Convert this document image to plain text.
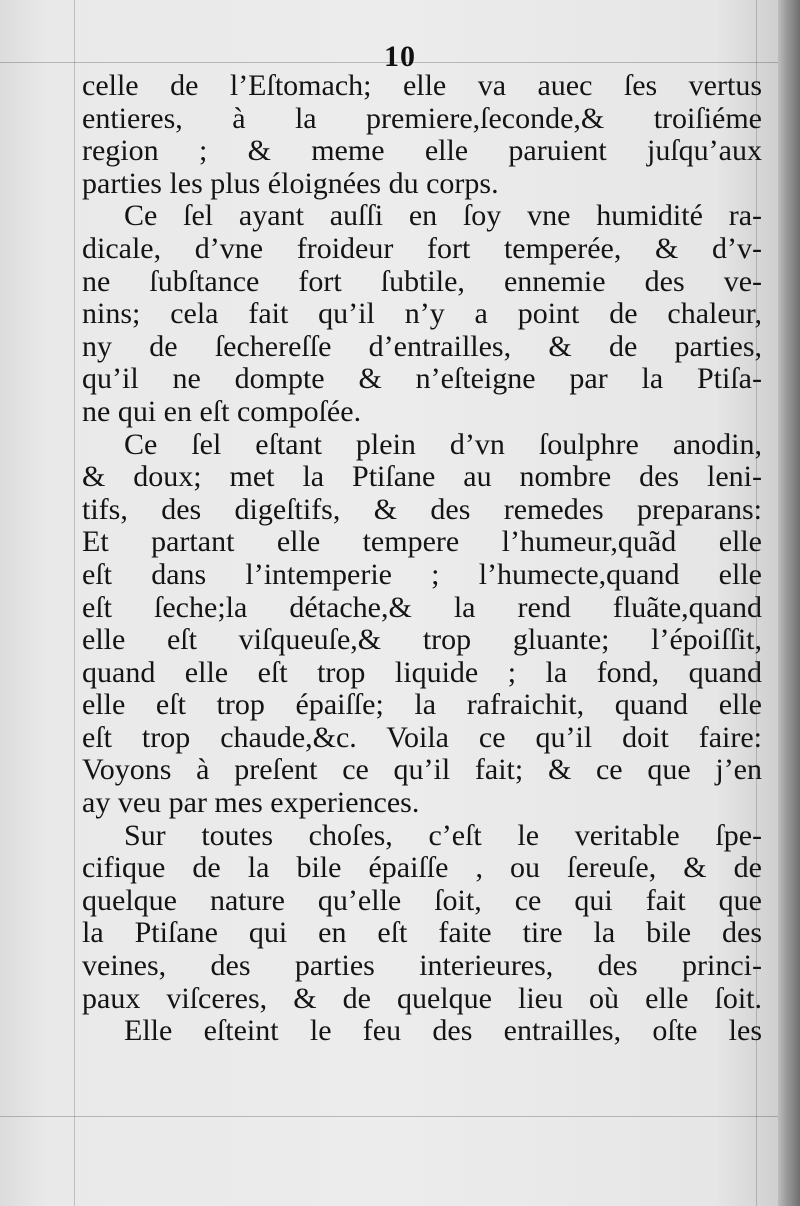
10
celle de l’Eſtomach; elle va auec ſes vertus
entieres, à la premiere,ſeconde,& troiſiéme
region ; & meme elle paruient juſqu’aux
parties les plus éloignées du corps.
Ce ſel ayant auſſi en ſoy vne humidité ra-
dicale, d’vne froideur fort temperée, & d’v-
ne ſubſtance fort ſubtile, ennemie des ve-
nins; cela fait qu’il n’y a point de chaleur,
ny de ſechereſſe d’entrailles, & de parties,
qu’il ne dompte & n’eſteigne par la Ptiſa-
ne qui en eſt compoſée.
Ce ſel eſtant plein d’vn ſoulphre anodin,
& doux; met la Ptiſane au nombre des leni-
tifs, des digeſtifs, & des remedes preparans:
Et partant elle tempere l’humeur,quãd elle
eſt dans l’intemperie ; l’humecte,quand elle
eſt ſeche;la détache,& la rend fluãte,quand
elle eſt viſqueuſe,& trop gluante; l’époiſſit,
quand elle eſt trop liquide ; la fond, quand
elle eſt trop épaiſſe; la rafraichit, quand elle
eſt trop chaude,&c. Voila ce qu’il doit faire:
Voyons à preſent ce qu’il fait; & ce que j’en
ay veu par mes experiences.
Sur toutes choſes, c’eſt le veritable ſpe-
cifique de la bile épaiſſe , ou ſereuſe, & de
quelque nature qu’elle ſoit, ce qui fait que
la Ptiſane qui en eſt faite tire la bile des
veines, des parties interieures, des princi-
paux viſceres, & de quelque lieu où elle ſoit.
Elle eſteint le feu des entrailles, oſte les
